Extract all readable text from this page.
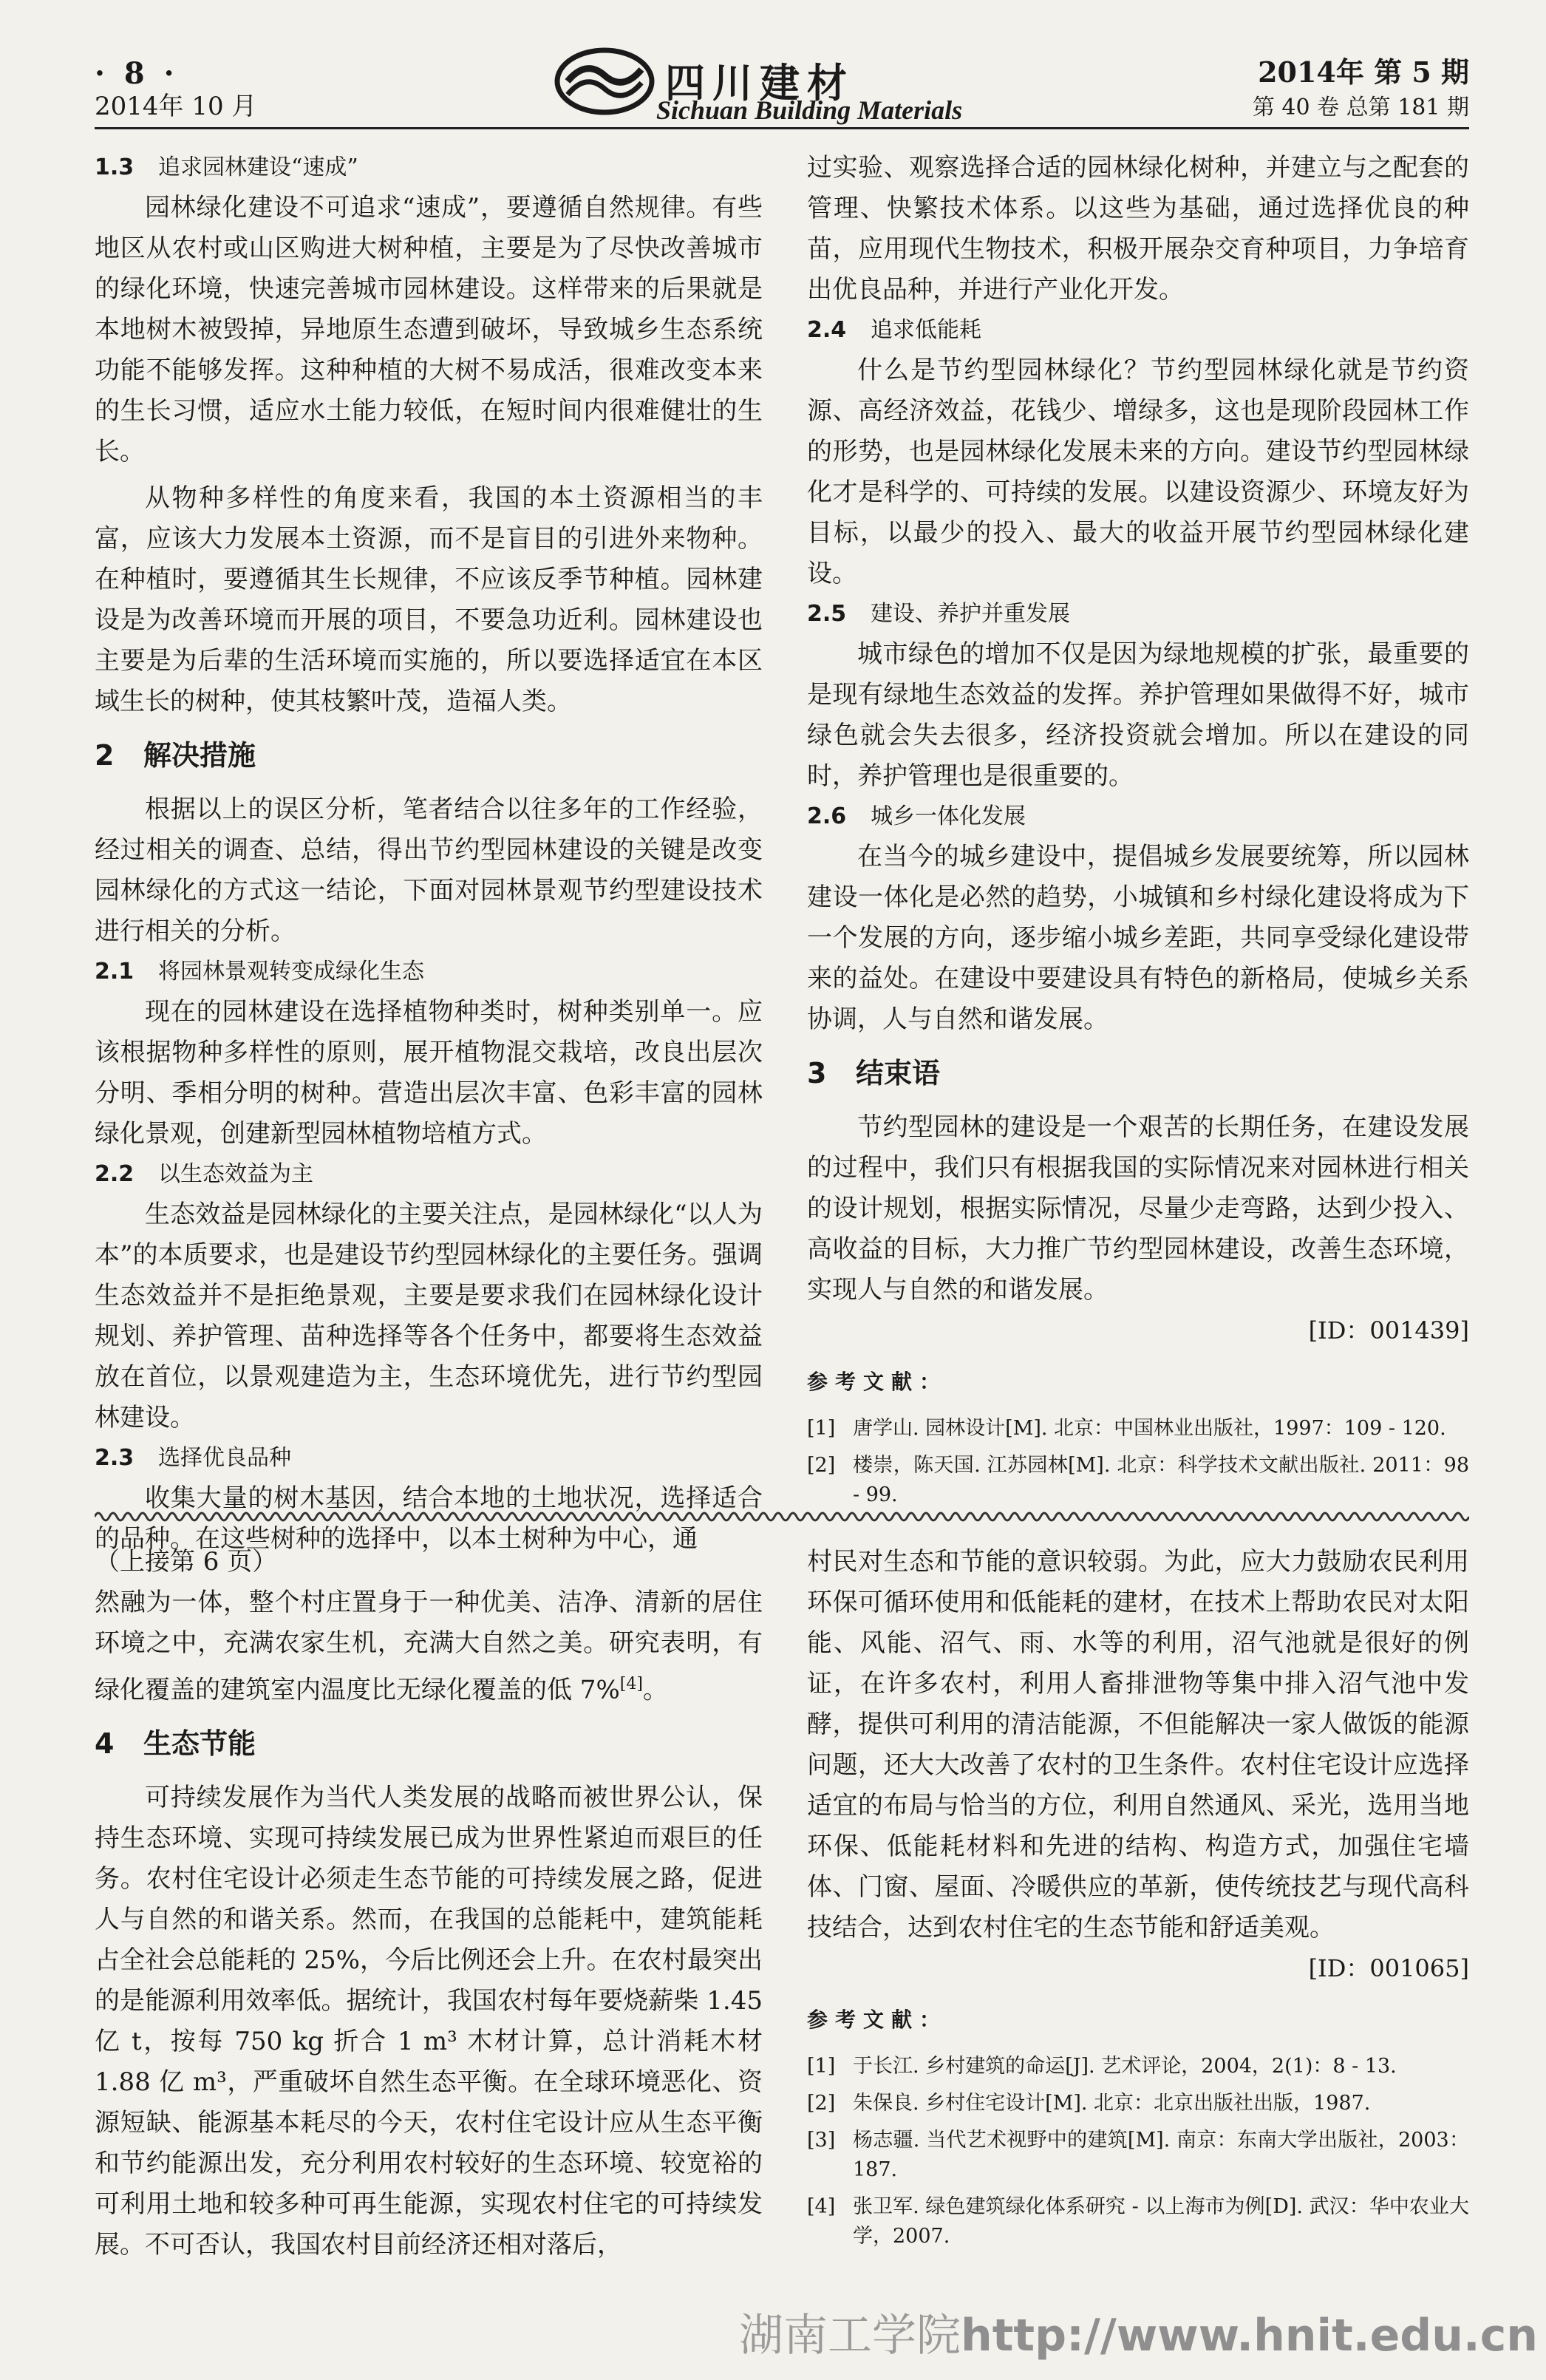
· 8 ·
2014年 10 月	四川建材
Sichuan Building Materials
2014年 第 5 期
第 40 卷 总第 181 期
1.3 追求园林建设“速成”

园林绿化建设不可追求“速成”，要遵循自然规律。有些地区从农村或山区购进大树种植，主要是为了尽快改善城市的绿化环境，快速完善城市园林建设。这样带来的后果就是本地树木被毁掉，异地原生态遭到破坏，导致城乡生态系统功能不能够发挥。这种种植的大树不易成活，很难改变本来的生长习惯，适应水土能力较低，在短时间内很难健壮的生长。

从物种多样性的角度来看，我国的本土资源相当的丰富，应该大力发展本土资源，而不是盲目的引进外来物种。在种植时，要遵循其生长规律，不应该反季节种植。园林建设是为改善环境而开展的项目，不要急功近利。园林建设也主要是为后辈的生活环境而实施的，所以要选择适宜在本区域生长的树种，使其枝繁叶茂，造福人类。

2 解决措施

根据以上的误区分析，笔者结合以往多年的工作经验，经过相关的调查、总结，得出节约型园林建设的关键是改变园林绿化的方式这一结论，下面对园林景观节约型建设技术进行相关的分析。

2.1 将园林景观转变成绿化生态

现在的园林建设在选择植物种类时，树种类别单一。应该根据物种多样性的原则，展开植物混交栽培，改良出层次分明、季相分明的树种。营造出层次丰富、色彩丰富的园林绿化景观，创建新型园林植物培植方式。

2.2 以生态效益为主

生态效益是园林绿化的主要关注点，是园林绿化“以人为本”的本质要求，也是建设节约型园林绿化的主要任务。强调生态效益并不是拒绝景观，主要是要求我们在园林绿化设计规划、养护管理、苗种选择等各个任务中，都要将生态效益放在首位，以景观建造为主，生态环境优先，进行节约型园林建设。

2.3 选择优良品种

收集大量的树木基因，结合本地的土地状况，选择适合的品种。在这些树种的选择中，以本土树种为中心，通

过实验、观察选择合适的园林绿化树种，并建立与之配套的管理、快繁技术体系。以这些为基础，通过选择优良的种苗，应用现代生物技术，积极开展杂交育种项目，力争培育出优良品种，并进行产业化开发。

2.4 追求低能耗

什么是节约型园林绿化？节约型园林绿化就是节约资源、高经济效益，花钱少、增绿多，这也是现阶段园林工作的形势，也是园林绿化发展未来的方向。建设节约型园林绿化才是科学的、可持续的发展。以建设资源少、环境友好为目标，以最少的投入、最大的收益开展节约型园林绿化建设。

2.5 建设、养护并重发展

城市绿色的增加不仅是因为绿地规模的扩张，最重要的是现有绿地生态效益的发挥。养护管理如果做得不好，城市绿色就会失去很多，经济投资就会增加。所以在建设的同时，养护管理也是很重要的。

2.6 城乡一体化发展

在当今的城乡建设中，提倡城乡发展要统筹，所以园林建设一体化是必然的趋势，小城镇和乡村绿化建设将成为下一个发展的方向，逐步缩小城乡差距，共同享受绿化建设带来的益处。在建设中要建设具有特色的新格局，使城乡关系协调，人与自然和谐发展。

3 结束语

节约型园林的建设是一个艰苦的长期任务，在建设发展的过程中，我们只有根据我国的实际情况来对园林进行相关的设计规划，根据实际情况，尽量少走弯路，达到少投入、高收益的目标，大力推广节约型园林建设，改善生态环境，实现人与自然的和谐发展。

[ID：001439]
参考文献：
[1] 唐学山. 园林设计[M]. 北京：中国林业出版社，1997：109 - 120.
[2] 楼崇，陈天国. 江苏园林[M]. 北京：科学技术文献出版社. 2011：98 - 99.

（上接第 6 页）

然融为一体，整个村庄置身于一种优美、洁净、清新的居住环境之中，充满农家生机，充满大自然之美。研究表明，有绿化覆盖的建筑室内温度比无绿化覆盖的低 7%[4]。

4 生态节能

可持续发展作为当代人类发展的战略而被世界公认，保持生态环境、实现可持续发展已成为世界性紧迫而艰巨的任务。农村住宅设计必须走生态节能的可持续发展之路，促进人与自然的和谐关系。然而，在我国的总能耗中，建筑能耗占全社会总能耗的 25%，今后比例还会上升。在农村最突出的是能源利用效率低。据统计，我国农村每年要烧薪柴 1.45 亿 t，按每 750 kg 折合 1 m³ 木材计算，总计消耗木材 1.88 亿 m³，严重破坏自然生态平衡。在全球环境恶化、资源短缺、能源基本耗尽的今天，农村住宅设计应从生态平衡和节约能源出发，充分利用农村较好的生态环境、较宽裕的可利用土地和较多种可再生能源，实现农村住宅的可持续发展。不可否认，我国农村目前经济还相对落后，

村民对生态和节能的意识较弱。为此，应大力鼓励农民利用环保可循环使用和低能耗的建材，在技术上帮助农民对太阳能、风能、沼气、雨、水等的利用，沼气池就是很好的例证，在许多农村，利用人畜排泄物等集中排入沼气池中发酵，提供可利用的清洁能源，不但能解决一家人做饭的能源问题，还大大改善了农村的卫生条件。农村住宅设计应选择适宜的布局与恰当的方位，利用自然通风、采光，选用当地环保、低能耗材料和先进的结构、构造方式，加强住宅墙体、门窗、屋面、冷暖供应的革新，使传统技艺与现代高科技结合，达到农村住宅的生态节能和舒适美观。

[ID：001065]
参考文献：
[1] 于长江. 乡村建筑的命运[J]. 艺术评论，2004，2(1)：8 - 13.
[2] 朱保良. 乡村住宅设计[M]. 北京：北京出版社出版，1987.
[3] 杨志疆. 当代艺术视野中的建筑[M]. 南京：东南大学出版社，2003：187.
[4] 张卫军. 绿色建筑绿化体系研究 - 以上海市为例[D]. 武汉：华中农业大学，2007.
湖南工学院http://www.hnit.edu.cn
